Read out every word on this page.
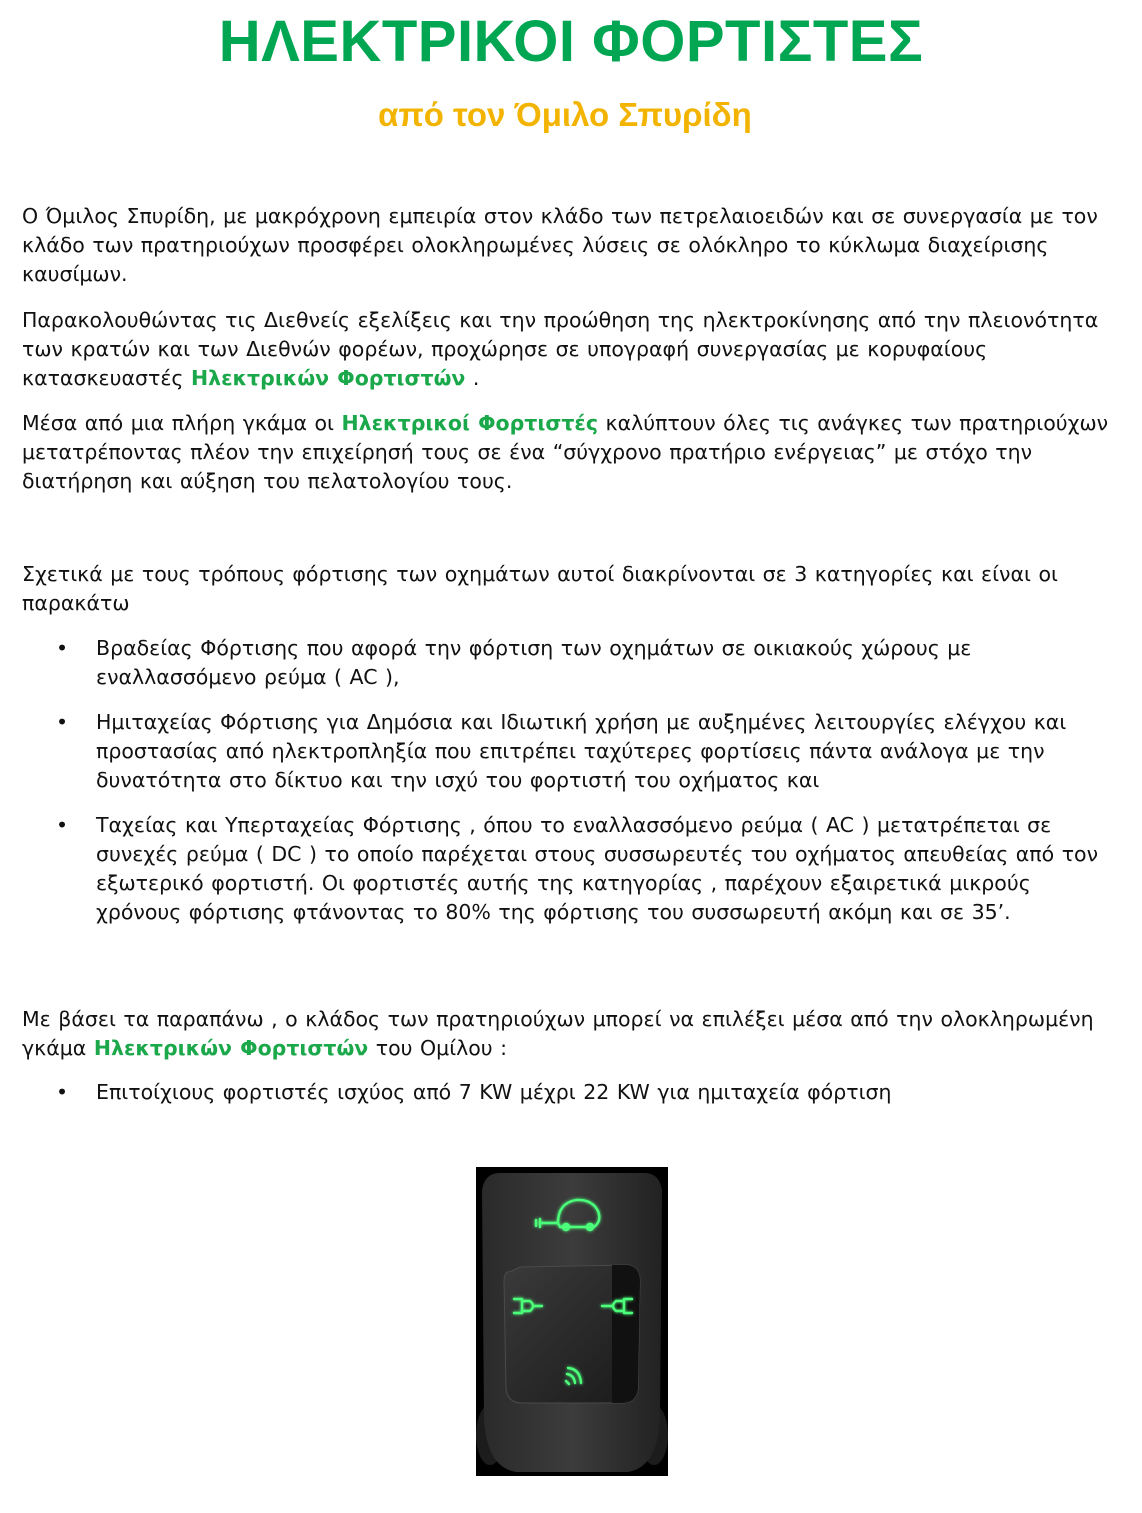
ΗΛΕΚΤΡΙΚΟΙ ΦΟΡΤΙΣΤΕΣ
από τον Όμιλο Σπυρίδη

Ο Όμιλος Σπυρίδη, με μακρόχρονη εμπειρία στον κλάδο των πετρελαιοειδών και σε συνεργασία με τον κλάδο των πρατηριούχων προσφέρει ολοκληρωμένες λύσεις σε ολόκληρο το κύκλωμα διαχείρισης καυσίμων.

Παρακολουθώντας τις Διεθνείς εξελίξεις και την προώθηση της ηλεκτροκίνησης από την πλειονότητα των κρατών και των Διεθνών φορέων, προχώρησε σε υπογραφή συνεργασίας με κορυφαίους κατασκευαστές Ηλεκτρικών Φορτιστών .

Μέσα από μια πλήρη γκάμα οι Ηλεκτρικοί Φορτιστές καλύπτουν όλες τις ανάγκες των πρατηριούχων μετατρέποντας πλέον την επιχείρησή τους σε ένα “σύγχρονο πρατήριο ενέργειας” με στόχο την διατήρηση και αύξηση του πελατολογίου τους.

Σχετικά με τους τρόπους φόρτισης των οχημάτων αυτοί διακρίνονται σε 3 κατηγορίες και είναι οι παρακάτω

• Βραδείας Φόρτισης που αφορά την φόρτιση των οχημάτων σε οικιακούς χώρους με εναλλασσόμενο ρεύμα ( AC ),
• Ημιταχείας Φόρτισης για Δημόσια και Ιδιωτική χρήση με αυξημένες λειτουργίες ελέγχου και προστασίας από ηλεκτροπληξία που επιτρέπει ταχύτερες φορτίσεις πάντα ανάλογα με την δυνατότητα στο δίκτυο και την ισχύ του φορτιστή του οχήματος και
• Ταχείας και Υπερταχείας Φόρτισης , όπου το εναλλασσόμενο ρεύμα ( AC ) μετατρέπεται σε συνεχές ρεύμα ( DC ) το οποίο παρέχεται στους συσσωρευτές του οχήματος απευθείας από τον εξωτερικό φορτιστή. Οι φορτιστές αυτής της κατηγορίας , παρέχουν εξαιρετικά μικρούς χρόνους φόρτισης φτάνοντας το 80% της φόρτισης του συσσωρευτή ακόμη και σε 35’.

Με βάσει τα παραπάνω , ο κλάδος των πρατηριούχων μπορεί να επιλέξει μέσα από την ολοκληρωμένη γκάμα Ηλεκτρικών Φορτιστών του Ομίλου :

• Επιτοίχιους φορτιστές ισχύος από 7 KW μέχρι 22 KW για ημιταχεία φόρτιση
